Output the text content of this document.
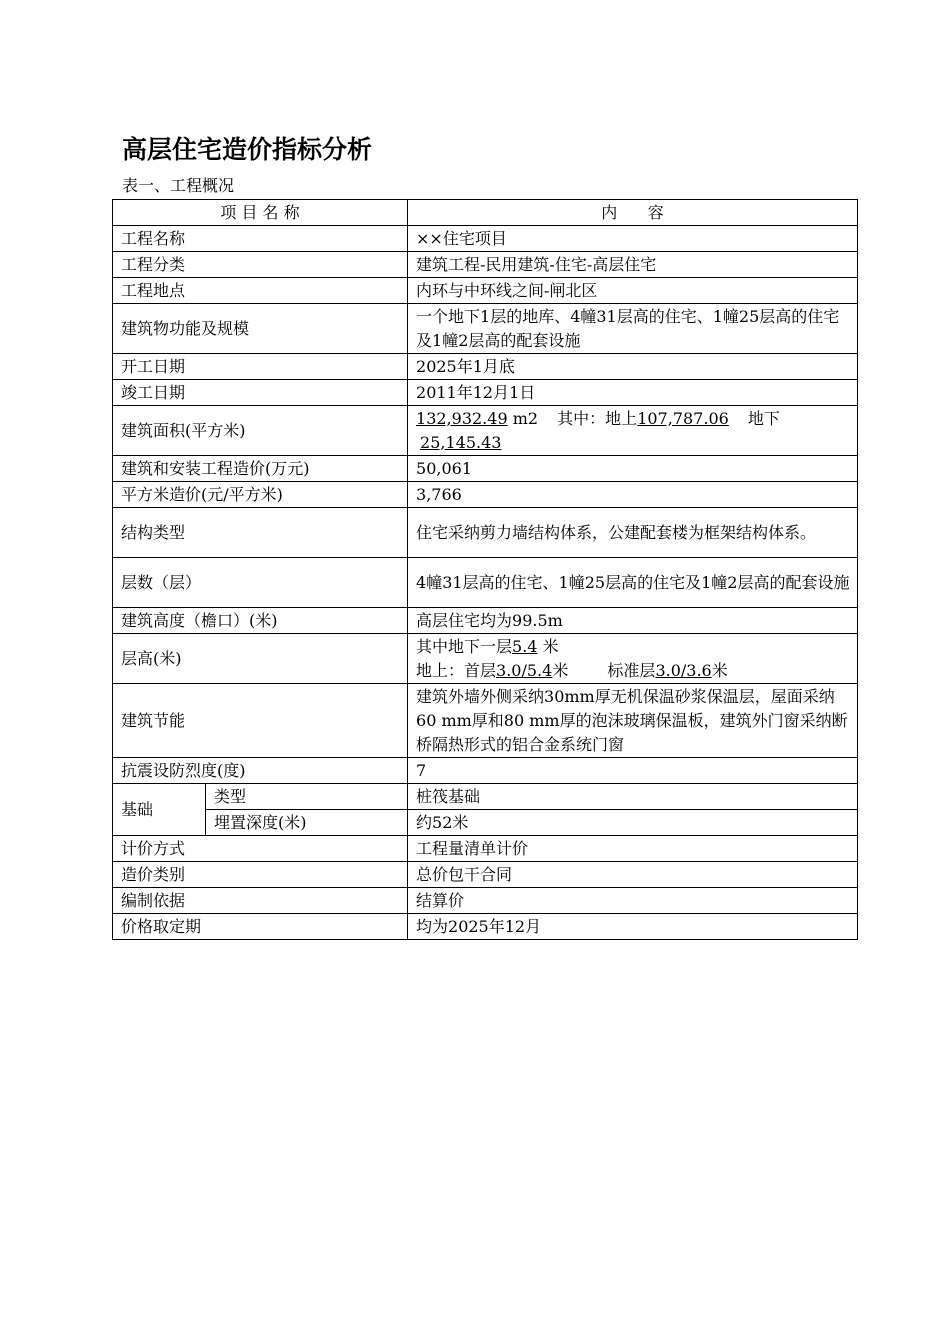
高层住宅造价指标分析
表一、工程概况
项 目 名 称		内      容
工程名称		××住宅项目
工程分类		建筑工程-民用建筑-住宅-高层住宅
工程地点		内环与中环线之间-闸北区
建筑物功能及规模		一个地下1层的地库、4幢31层高的住宅、1幢25层高的住宅及1幢2层高的配套设施
开工日期		2025年1月底
竣工日期		2011年12月1日
建筑面积(平方米)		132,932.49 m2 其中：地上107,787.06 地下
25,145.43
建筑和安装工程造价(万元)		50,061
平方米造价(元/平方米)		3,766
结构类型		住宅采纳剪力墙结构体系，公建配套楼为框架结构体系。
层数（层）		4幢31层高的住宅、1幢25层高的住宅及1幢2层高的配套设施
建筑高度（檐口）(米)		高层住宅均为99.5m
层高(米)		其中地下一层5.4 米
地上：首层3.0/5.4米 标准层3.0/3.6米
建筑节能		建筑外墙外侧采纳30mm厚无机保温砂浆保温层，屋面采纳60 mm厚和80 mm厚的泡沫玻璃保温板，建筑外门窗采纳断桥隔热形式的铝合金系统门窗
抗震设防烈度(度)		7
基础	类型	桩筏基础
	埋置深度(米)	约52米
计价方式		工程量清单计价
造价类别		总价包干合同
编制依据		结算价
价格取定期		均为2025年12月
